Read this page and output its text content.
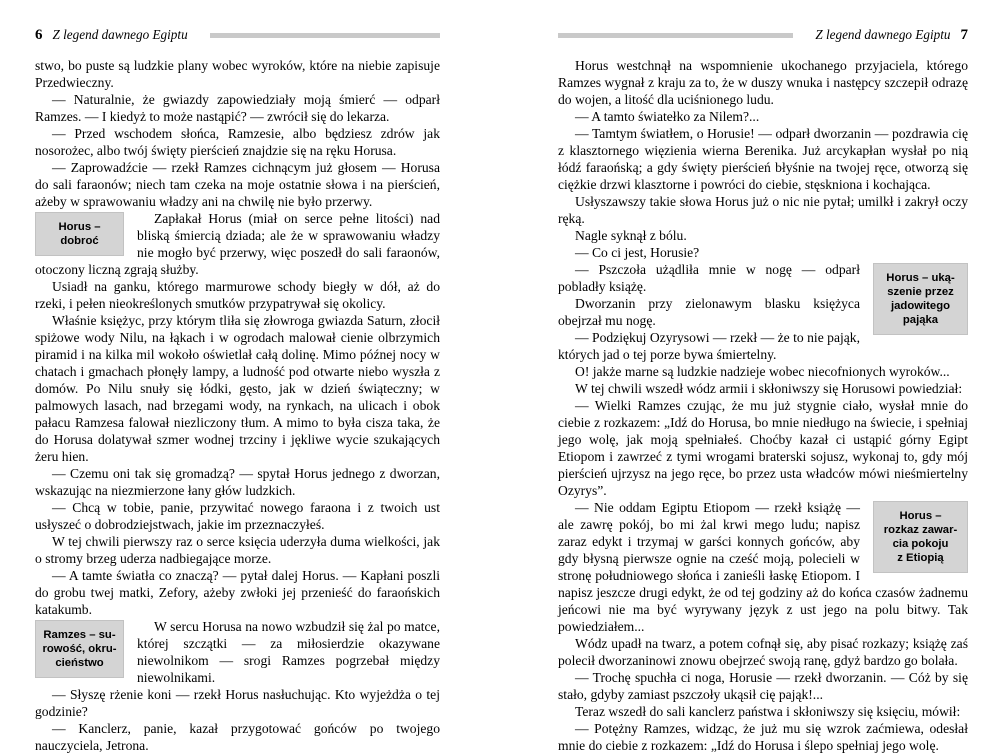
6 Z legend dawnego Egiptu

stwo, bo puste są ludzkie plany wobec wyroków, które na niebie zapisuje Przedwieczny.

— Naturalnie, że gwiazdy zapowiedziały moją śmierć — odparł Ramzes. — I kiedyż to może nastąpić? — zwrócił się do lekarza.

— Przed wschodem słońca, Ramzesie, albo będziesz zdrów jak nosorożec, albo twój święty pierścień znajdzie się na ręku Horusa.

— Zaprowadźcie — rzekł Ramzes cichnącym już głosem — Horusa do sali faraonów; niech tam czeka na moje ostatnie słowa i na pierścień, ażeby w sprawowaniu władzy ani na chwilę nie było przerwy.

Horus –
dobroć

Zapłakał Horus (miał on serce pełne litości) nad bliską śmiercią dziada; ale że w sprawowaniu władzy nie mogło być przerwy, więc poszedł do sali faraonów, otoczony liczną zgrają służby.

Usiadł na ganku, którego marmurowe schody biegły w dół, aż do rzeki, i pełen nieokreślonych smutków przypatrywał się okolicy.

Właśnie księżyc, przy którym tliła się złowroga gwiazda Saturn, złocił spiżowe wody Nilu, na łąkach i w ogrodach malował cienie olbrzymich piramid i na kilka mil wokoło oświetlał całą dolinę. Mimo późnej nocy w chatach i gmachach płonęły lampy, a ludność pod otwarte niebo wyszła z domów. Po Nilu snuły się łódki, gęsto, jak w dzień świąteczny; w palmowych lasach, nad brzegami wody, na rynkach, na ulicach i obok pałacu Ramzesa falował niezliczony tłum. A mimo to była cisza taka, że do Horusa dolatywał szmer wodnej trzciny i jękliwe wycie szukających żeru hien.

— Czemu oni tak się gromadzą? — spytał Horus jednego z dworzan, wskazując na niezmierzone łany głów ludzkich.

— Chcą w tobie, panie, przywitać nowego faraona i z twoich ust usłyszeć o dobrodziejstwach, jakie im przeznaczyłeś.

W tej chwili pierwszy raz o serce księcia uderzyła duma wielkości, jak o stromy brzeg uderza nadbiegające morze.

— A tamte światła co znaczą? — pytał dalej Horus. — Kapłani poszli do grobu twej matki, Zefory, ażeby zwłoki jej przenieść do faraońskich katakumb.

Ramzes – su-
rowość, okru-
cieństwo

W sercu Horusa na nowo wzbudził się żal po matce, której szczątki — za miłosierdzie okazywane niewolnikom — srogi Ramzes pogrzebał między niewolnikami.

— Słyszę rżenie koni — rzekł Horus nasłuchując. Kto wyjeżdża o tej godzinie?

— Kanclerz, panie, kazał przygotować gońców po twojego nauczyciela, Jetrona.

Z legend dawnego Egiptu 7

Horus westchnął na wspomnienie ukochanego przyjaciela, którego Ramzes wygnał z kraju za to, że w duszy wnuka i następcy szczepił odrazę do wojen, a litość dla uciśnionego ludu.

— A tamto światełko za Nilem?...

— Tamtym światłem, o Horusie! — odparł dworzanin — pozdrawia cię z klasztornego więzienia wierna Berenika. Już arcykapłan wysłał po nią łódź faraońską; a gdy święty pierścień błyśnie na twojej ręce, otworzą się ciężkie drzwi klasztorne i powróci do ciebie, stęskniona i kochająca.

Usłyszawszy takie słowa Horus już o nic nie pytał; umilkł i zakrył oczy ręką.

Nagle syknął z bólu.

— Co ci jest, Horusie?

Horus – uką-
szenie przez
jadowitego
pająka

— Pszczoła użądliła mnie w nogę — odparł pobladły książę.

Dworzanin przy zielonawym blasku księżyca obejrzał mu nogę.

— Podziękuj Ozyrysowi — rzekł — że to nie pająk, których jad o tej porze bywa śmiertelny.

O! jakże marne są ludzkie nadzieje wobec niecofnionych wyroków...

W tej chwili wszedł wódz armii i skłoniwszy się Horusowi powiedział:

— Wielki Ramzes czując, że mu już stygnie ciało, wysłał mnie do ciebie z rozkazem: „Idź do Horusa, bo mnie niedługo na świecie, i spełniaj jego wolę, jak moją spełniałeś. Choćby kazał ci ustąpić górny Egipt Etiopom i zawrzeć z tymi wrogami braterski sojusz, wykonaj to, gdy mój pierścień ujrzysz na jego ręce, bo przez usta władców mówi nieśmiertelny Ozyrys”.

Horus –
rozkaz zawar-
cia pokoju
z Etiopią

— Nie oddam Egiptu Etiopom — rzekł książę — ale zawrę pokój, bo mi żal krwi mego ludu; napisz zaraz edykt i trzymaj w garści konnych gońców, aby gdy błysną pierwsze ognie na cześć moją, polecieli w stronę południowego słońca i zanieśli łaskę Etiopom. I napisz jeszcze drugi edykt, że od tej godziny aż do końca czasów żadnemu jeńcowi nie ma być wyrywany język z ust jego na polu bitwy. Tak powiedziałem...

Wódz upadł na twarz, a potem cofnął się, aby pisać rozkazy; książę zaś polecił dworzaninowi znowu obejrzeć swoją ranę, gdyż bardzo go bolała.

— Trochę spuchła ci noga, Horusie — rzekł dworzanin. — Cóż by się stało, gdyby zamiast pszczoły ukąsił cię pająk!...

Teraz wszedł do sali kanclerz państwa i skłoniwszy się księciu, mówił:

— Potężny Ramzes, widząc, że już mu się wzrok zaćmiewa, odesłał mnie do ciebie z rozkazem: „Idź do Horusa i ślepo spełniaj jego wolę.
